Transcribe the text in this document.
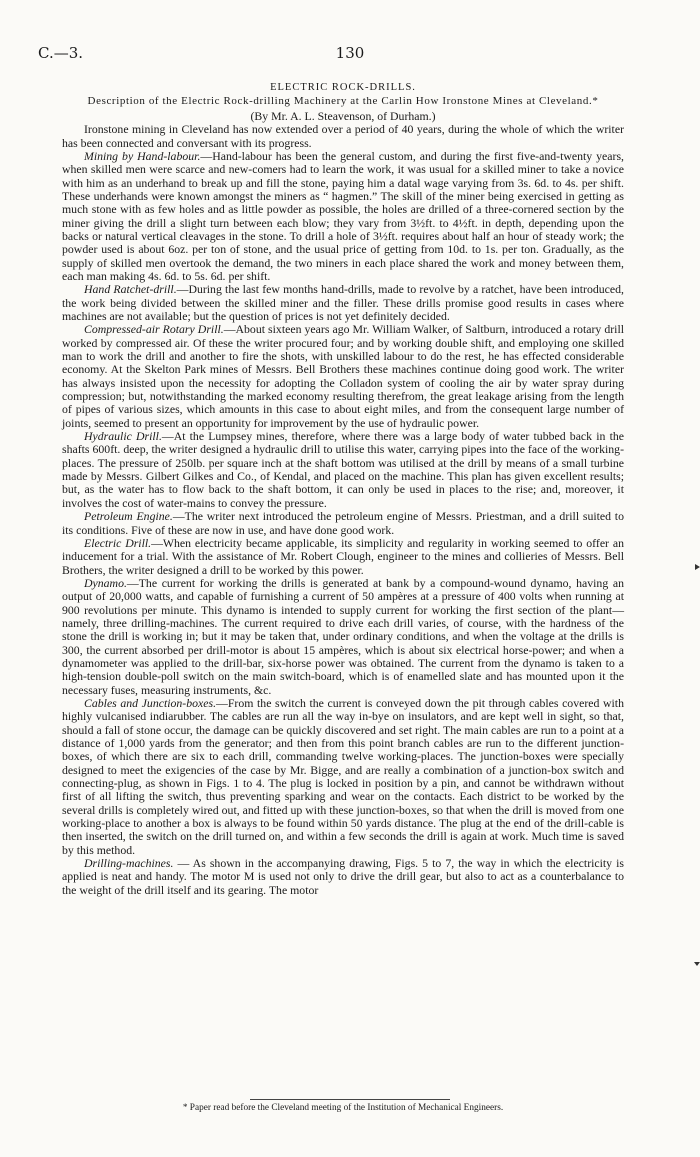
C.—3.	130
ELECTRIC ROCK-DRILLS.
Description of the Electric Rock-drilling Machinery at the Carlin How Ironstone Mines at Cleveland.*
(By Mr. A. L. Steavenson, of Durham.)

Ironstone mining in Cleveland has now extended over a period of 40 years, during the whole of which the writer has been connected and conversant with its progress.

Mining by Hand-labour.—Hand-labour has been the general custom, and during the first five-and-twenty years, when skilled men were scarce and new-comers had to learn the work, it was usual for a skilled miner to take a novice with him as an underhand to break up and fill the stone, paying him a datal wage varying from 3s. 6d. to 4s. per shift. These underhands were known amongst the miners as “ hagmen.” The skill of the miner being exercised in getting as much stone with as few holes and as little powder as possible, the holes are drilled of a three-cornered section by the miner giving the drill a slight turn between each blow; they vary from 3½ft. to 4½ft. in depth, depending upon the backs or natural vertical cleavages in the stone. To drill a hole of 3½ft. requires about half an hour of steady work; the powder used is about 6oz. per ton of stone, and the usual price of getting from 10d. to 1s. per ton. Gradually, as the supply of skilled men overtook the demand, the two miners in each place shared the work and money between them, each man making 4s. 6d. to 5s. 6d. per shift.

Hand Ratchet-drill.—During the last few months hand-drills, made to revolve by a ratchet, have been introduced, the work being divided between the skilled miner and the filler. These drills promise good results in cases where machines are not available; but the question of prices is not yet definitely decided.

Compressed-air Rotary Drill.—About sixteen years ago Mr. William Walker, of Saltburn, introduced a rotary drill worked by compressed air. Of these the writer procured four; and by working double shift, and employing one skilled man to work the drill and another to fire the shots, with unskilled labour to do the rest, he has effected considerable economy. At the Skelton Park mines of Messrs. Bell Brothers these machines continue doing good work. The writer has always insisted upon the necessity for adopting the Colladon system of cooling the air by water spray during compression; but, notwithstanding the marked economy resulting therefrom, the great leakage arising from the length of pipes of various sizes, which amounts in this case to about eight miles, and from the consequent large number of joints, seemed to present an opportunity for improvement by the use of hydraulic power.

Hydraulic Drill.—At the Lumpsey mines, therefore, where there was a large body of water tubbed back in the shafts 600ft. deep, the writer designed a hydraulic drill to utilise this water, carrying pipes into the face of the working-places. The pressure of 250lb. per square inch at the shaft bottom was utilised at the drill by means of a small turbine made by Messrs. Gilbert Gilkes and Co., of Kendal, and placed on the machine. This plan has given excellent results; but, as the water has to flow back to the shaft bottom, it can only be used in places to the rise; and, moreover, it involves the cost of water-mains to convey the pressure.

Petroleum Engine.—The writer next introduced the petroleum engine of Messrs. Priestman, and a drill suited to its conditions. Five of these are now in use, and have done good work.

Electric Drill.—When electricity became applicable, its simplicity and regularity in working seemed to offer an inducement for a trial. With the assistance of Mr. Robert Clough, engineer to the mines and collieries of Messrs. Bell Brothers, the writer designed a drill to be worked by this power.

Dynamo.—The current for working the drills is generated at bank by a compound-wound dynamo, having an output of 20,000 watts, and capable of furnishing a current of 50 ampères at a pressure of 400 volts when running at 900 revolutions per minute. This dynamo is intended to supply current for working the first section of the plant—namely, three drilling-machines. The current required to drive each drill varies, of course, with the hardness of the stone the drill is working in; but it may be taken that, under ordinary conditions, and when the voltage at the drills is 300, the current absorbed per drill-motor is about 15 ampères, which is about six electrical horse-power; and when a dynamometer was applied to the drill-bar, six-horse power was obtained. The current from the dynamo is taken to a high-tension double-poll switch on the main switch-board, which is of enamelled slate and has mounted upon it the necessary fuses, measuring instruments, &c.

Cables and Junction-boxes.—From the switch the current is conveyed down the pit through cables covered with highly vulcanised indiarubber. The cables are run all the way in-bye on insulators, and are kept well in sight, so that, should a fall of stone occur, the damage can be quickly discovered and set right. The main cables are run to a point at a distance of 1,000 yards from the generator; and then from this point branch cables are run to the different junction-boxes, of which there are six to each drill, commanding twelve working-places. The junction-boxes were specially designed to meet the exigencies of the case by Mr. Bigge, and are really a combination of a junction-box switch and connecting-plug, as shown in Figs. 1 to 4. The plug is locked in position by a pin, and cannot be withdrawn without first of all lifting the switch, thus preventing sparking and wear on the contacts. Each district to be worked by the several drills is completely wired out, and fitted up with these junction-boxes, so that when the drill is moved from one working-place to another a box is always to be found within 50 yards distance. The plug at the end of the drill-cable is then inserted, the switch on the drill turned on, and within a few seconds the drill is again at work. Much time is saved by this method.

Drilling-machines. — As shown in the accompanying drawing, Figs. 5 to 7, the way in which the electricity is applied is neat and handy. The motor M is used not only to drive the drill gear, but also to act as a counterbalance to the weight of the drill itself and its gearing. The motor

* Paper read before the Cleveland meeting of the Institution of Mechanical Engineers.
